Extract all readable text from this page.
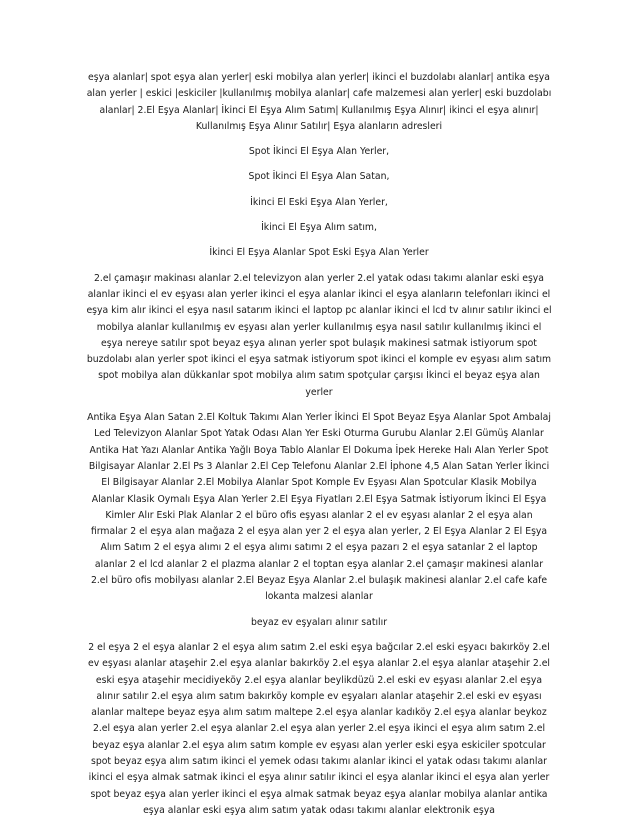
eşya alanlar| spot eşya alan yerler| eski mobilya alan yerler| ikinci el buzdolabı alanlar| antika eşya alan yerler | eskici |eskiciler |kullanılmış mobilya alanlar| cafe malzemesi alan yerler| eski buzdolabı alanlar| 2.El Eşya Alanlar| İkinci El Eşya Alım Satım| Kullanılmış Eşya Alınır| ikinci el eşya alınır| Kullanılmış Eşya Alınır Satılır| Eşya alanların adresleri

Spot İkinci El Eşya Alan Yerler,

Spot İkinci El Eşya Alan Satan,

İkinci El Eski Eşya Alan Yerler,

İkinci El Eşya Alım satım,

İkinci El Eşya Alanlar Spot Eski Eşya Alan Yerler

2.el çamaşır makinası alanlar 2.el televizyon alan yerler 2.el yatak odası takımı alanlar eski eşya alanlar ikinci el ev eşyası alan yerler ikinci el eşya alanlar ikinci el eşya alanların telefonları ikinci el eşya kim alır ikinci el eşya nasıl satarım ikinci el laptop pc alanlar ikinci el lcd tv alınır satılır ikinci el mobilya alanlar kullanılmış ev eşyası alan yerler kullanılmış eşya nasıl satılır kullanılmış ikinci el eşya nereye satılır spot beyaz eşya alınan yerler spot bulaşık makinesi satmak istiyorum spot buzdolabı alan yerler spot ikinci el eşya satmak istiyorum spot ikinci el komple ev eşyası alım satım spot mobilya alan dükkanlar spot mobilya alım satım spotçular çarşısı İkinci el beyaz eşya alan yerler

Antika Eşya Alan Satan 2.El Koltuk Takımı Alan Yerler İkinci El Spot Beyaz Eşya Alanlar Spot Ambalaj Led Televizyon Alanlar Spot Yatak Odası Alan Yer Eski Oturma Gurubu Alanlar 2.El Gümüş Alanlar Antika Hat Yazı Alanlar Antika Yağlı Boya Tablo Alanlar El Dokuma İpek Hereke Halı Alan Yerler Spot Bilgisayar Alanlar 2.El Ps 3 Alanlar 2.El Cep Telefonu Alanlar 2.El İphone 4,5 Alan Satan Yerler İkinci El Bilgisayar Alanlar 2.El Mobilya Alanlar Spot Komple Ev Eşyası Alan Spotcular Klasik Mobilya Alanlar Klasik Oymalı Eşya Alan Yerler 2.El Eşya Fiyatları 2.El Eşya Satmak İstiyorum İkinci El Eşya Kimler Alır Eski Plak Alanlar 2 el büro ofis eşyası alanlar 2 el ev eşyası alanlar 2 el eşya alan firmalar 2 el eşya alan mağaza 2 el eşya alan yer 2 el eşya alan yerler, 2 El Eşya Alanlar 2 El Eşya Alım Satım 2 el eşya alımı 2 el eşya alımı satımı 2 el eşya pazarı 2 el eşya satanlar 2 el laptop alanlar 2 el lcd alanlar 2 el plazma alanlar 2 el toptan eşya alanlar 2.el çamaşır makinesi alanlar 2.el büro ofis mobilyası alanlar 2.El Beyaz Eşya Alanlar 2.el bulaşık makinesi alanlar 2.el cafe kafe lokanta malzesi alanlar

beyaz ev eşyaları alınır satılır

2 el eşya 2 el eşya alanlar 2 el eşya alım satım 2.el eski eşya bağcılar 2.el eski eşyacı bakırköy 2.el ev eşyası alanlar ataşehir 2.el eşya alanlar bakırköy 2.el eşya alanlar 2.el eşya alanlar ataşehir 2.el eski eşya ataşehir mecidiyeköy 2.el eşya alanlar beylikdüzü 2.el eski ev eşyası alanlar 2.el eşya alınır satılır 2.el eşya alım satım bakırköy komple ev eşyaları alanlar ataşehir 2.el eski ev eşyası alanlar maltepe beyaz eşya alım satım maltepe 2.el eşya alanlar kadıköy 2.el eşya alanlar beykoz 2.el eşya alan yerler 2.el eşya alanlar 2.el eşya alan yerler 2.el eşya ikinci el eşya alım satım 2.el beyaz eşya alanlar 2.el eşya alım satım komple ev eşyası alan yerler eski eşya eskiciler spotcular spot beyaz eşya alım satım ikinci el yemek odası takımı alanlar ikinci el yatak odası takımı alanlar ikinci el eşya almak satmak ikinci el eşya alınır satılır ikinci el eşya alanlar ikinci el eşya alan yerler spot beyaz eşya alan yerler ikinci el eşya almak satmak beyaz eşya alanlar mobilya alanlar antika eşya alanlar eski eşya alım satım yatak odası takımı alanlar elektronik eşya
